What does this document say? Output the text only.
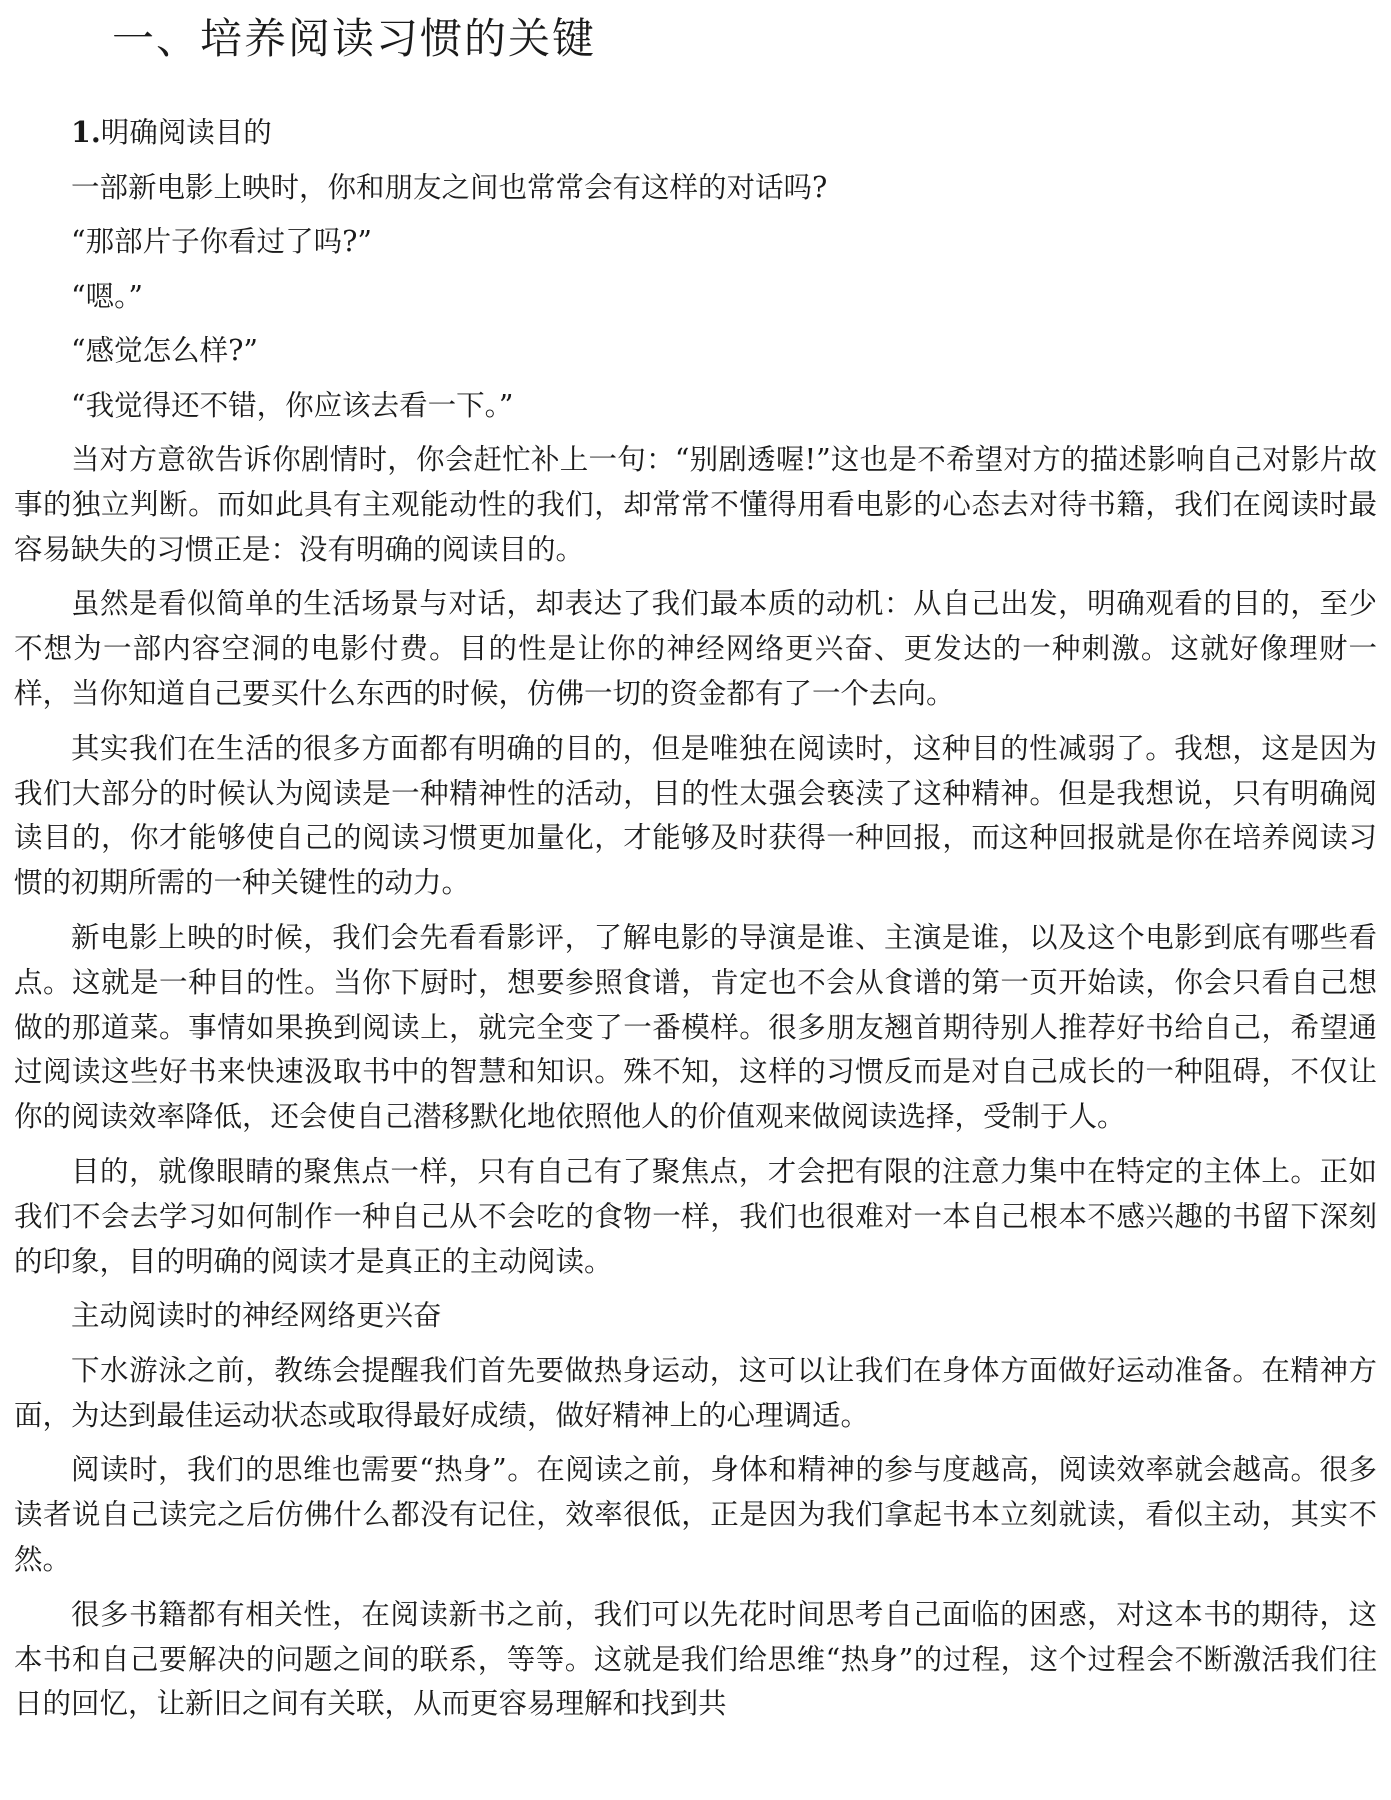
一、培养阅读习惯的关键

1.明确阅读目的

一部新电影上映时，你和朋友之间也常常会有这样的对话吗?

“那部片子你看过了吗?”

“嗯。”

“感觉怎么样?”

“我觉得还不错，你应该去看一下。”

当对方意欲告诉你剧情时，你会赶忙补上一句：“别剧透喔!”这也是不希望对方的描述影响自己对影片故事的独立判断。而如此具有主观能动性的我们，却常常不懂得用看电影的心态去对待书籍，我们在阅读时最容易缺失的习惯正是：没有明确的阅读目的。

虽然是看似简单的生活场景与对话，却表达了我们最本质的动机：从自己出发，明确观看的目的，至少不想为一部内容空洞的电影付费。目的性是让你的神经网络更兴奋、更发达的一种刺激。这就好像理财一样，当你知道自己要买什么东西的时候，仿佛一切的资金都有了一个去向。

其实我们在生活的很多方面都有明确的目的，但是唯独在阅读时，这种目的性减弱了。我想，这是因为我们大部分的时候认为阅读是一种精神性的活动，目的性太强会亵渎了这种精神。但是我想说，只有明确阅读目的，你才能够使自己的阅读习惯更加量化，才能够及时获得一种回报，而这种回报就是你在培养阅读习惯的初期所需的一种关键性的动力。

新电影上映的时候，我们会先看看影评，了解电影的导演是谁、主演是谁，以及这个电影到底有哪些看点。这就是一种目的性。当你下厨时，想要参照食谱，肯定也不会从食谱的第一页开始读，你会只看自己想做的那道菜。事情如果换到阅读上，就完全变了一番模样。很多朋友翘首期待别人推荐好书给自己，希望通过阅读这些好书来快速汲取书中的智慧和知识。殊不知，这样的习惯反而是对自己成长的一种阻碍，不仅让你的阅读效率降低，还会使自己潜移默化地依照他人的价值观来做阅读选择，受制于人。

目的，就像眼睛的聚焦点一样，只有自己有了聚焦点，才会把有限的注意力集中在特定的主体上。正如我们不会去学习如何制作一种自己从不会吃的食物一样，我们也很难对一本自己根本不感兴趣的书留下深刻的印象，目的明确的阅读才是真正的主动阅读。

主动阅读时的神经网络更兴奋

下水游泳之前，教练会提醒我们首先要做热身运动，这可以让我们在身体方面做好运动准备。在精神方面，为达到最佳运动状态或取得最好成绩，做好精神上的心理调适。

阅读时，我们的思维也需要“热身”。在阅读之前，身体和精神的参与度越高，阅读效率就会越高。很多读者说自己读完之后仿佛什么都没有记住，效率很低，正是因为我们拿起书本立刻就读，看似主动，其实不然。

很多书籍都有相关性，在阅读新书之前，我们可以先花时间思考自己面临的困惑，对这本书的期待，这本书和自己要解决的问题之间的联系，等等。这就是我们给思维“热身”的过程，这个过程会不断激活我们往日的回忆，让新旧之间有关联，从而更容易理解和找到共
